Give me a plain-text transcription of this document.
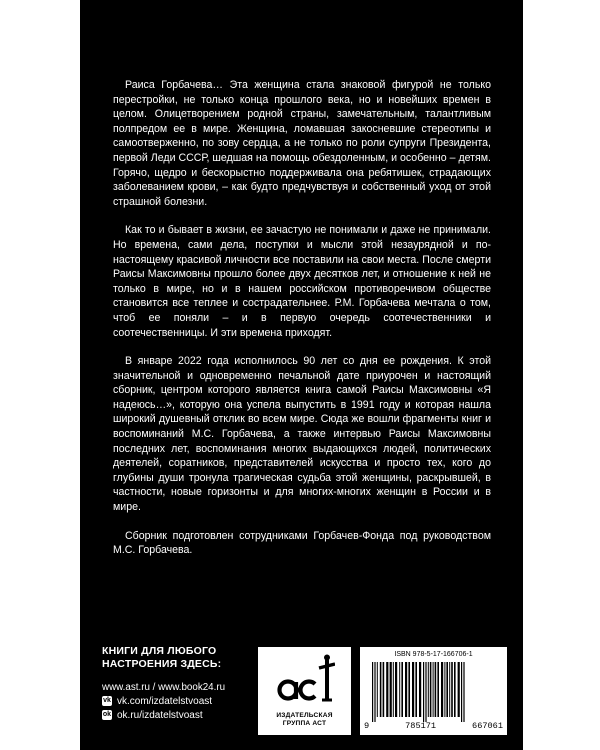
Раиса Горбачева… Эта женщина стала знаковой фигурой не только перестройки, не только конца прошлого века, но и новейших времен в целом. Олицетворением родной страны, замечательным, талантливым полпредом ее в мире. Женщина, ломавшая закосневшие стереотипы и самоотверженно, по зову сердца, а не только по роли супруги Президента, первой Леди СССР, шедшая на помощь обездоленным, и особенно – детям. Горячо, щедро и бескорыстно поддерживала она ребятишек, страдающих заболеванием крови, – как будто предчувствуя и собственный уход от этой страшной болезни.

Как то и бывает в жизни, ее зачастую не понимали и даже не принимали. Но времена, сами дела, поступки и мысли этой незаурядной и по-настоящему красивой личности все поставили на свои места. После смерти Раисы Максимовны прошло более двух десятков лет, и отношение к ней не только в мире, но и в нашем российском противоречивом обществе становится все теплее и сострадательнее. Р.М. Горбачева мечтала о том, чтоб ее поняли – и в первую очередь соотечественники и соотечественницы. И эти времена приходят.

В январе 2022 года исполнилось 90 лет со дня ее рождения. К этой значительной и одновременно печальной дате приурочен и настоящий сборник, центром которого является книга самой Раисы Максимовны «Я надеюсь…», которую она успела выпустить в 1991 году и которая нашла широкий душевный отклик во всем мире. Сюда же вошли фрагменты книг и воспоминаний М.С. Горбачева, а также интервью Раисы Максимовны последних лет, воспоминания многих выдающихся людей, политических деятелей, соратников, представителей искусства и просто тех, кого до глубины души тронула трагическая судьба этой женщины, раскрывшей, в частности, новые горизонты и для многих-многих женщин в России и в мире.

Сборник подготовлен сотрудниками Горбачев-Фонда под руководством М.С. Горбачева.

КНИГИ ДЛЯ ЛЮБОГО
НАСТРОЕНИЯ ЗДЕСЬ:
www.ast.ru / www.book24.ru
vk vk.com/izdatelstvoast
ok ok.ru/izdatelstvoast	ИЗДАТЕЛЬСКАЯ
ГРУППА АСТ
ISBN 978-5-17-166706-1
9	785171	667061
